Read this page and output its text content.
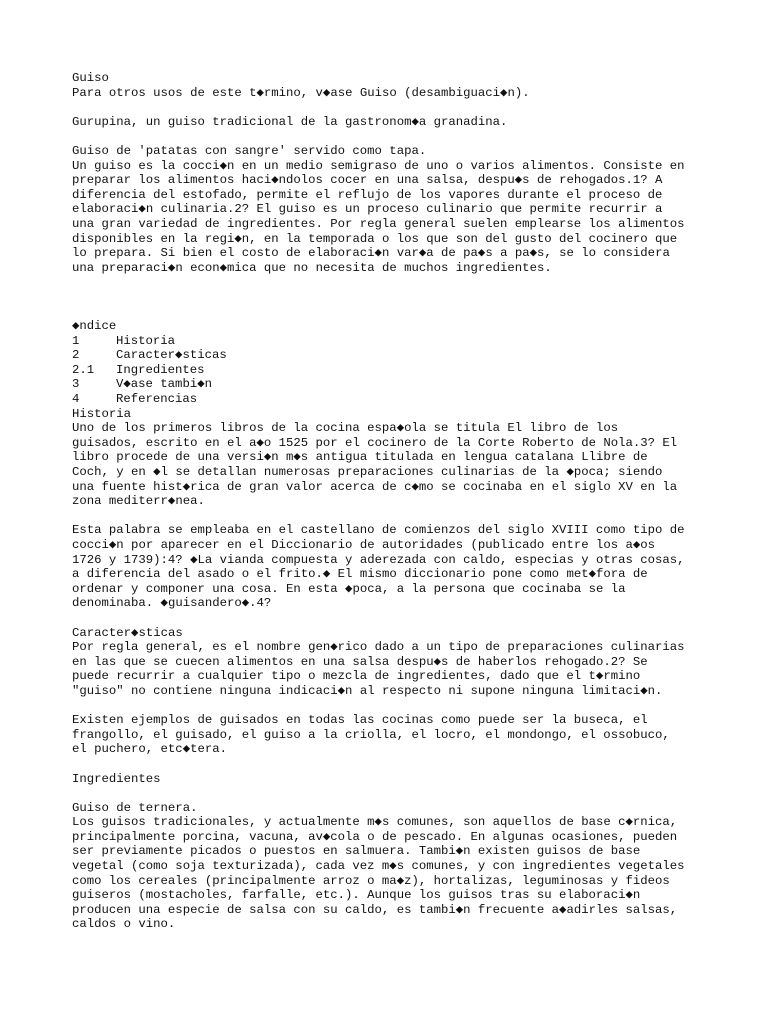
Guiso
Para otros usos de este t◆rmino, v◆ase Guiso (desambiguaci◆n).
Gurupina, un guiso tradicional de la gastronom◆a granadina.
Guiso de 'patatas con sangre' servido como tapa.
Un guiso es la cocci◆n en un medio semigraso de uno o varios alimentos. Consiste en
preparar los alimentos haci◆ndolos cocer en una salsa, despu◆s de rehogados.1? A
diferencia del estofado, permite el reflujo de los vapores durante el proceso de
elaboraci◆n culinaria.2? El guiso es un proceso culinario que permite recurrir a
una gran variedad de ingredientes. Por regla general suelen emplearse los alimentos
disponibles en la regi◆n, en la temporada o los que son del gusto del cocinero que
lo prepara. Si bien el costo de elaboraci◆n var◆a de pa◆s a pa◆s, se lo considera
una preparaci◆n econ◆mica que no necesita de muchos ingredientes.
◆ndice
1	Historia
2	Caracter◆sticas
2.1	Ingredientes
3	V◆ase tambi◆n
4	Referencias
Historia
Uno de los primeros libros de la cocina espa◆ola se titula El libro de los
guisados, escrito en el a◆o 1525 por el cocinero de la Corte Roberto de Nola.3? El
libro procede de una versi◆n m◆s antigua titulada en lengua catalana Llibre de
Coch, y en ◆l se detallan numerosas preparaciones culinarias de la ◆poca; siendo
una fuente hist◆rica de gran valor acerca de c◆mo se cocinaba en el siglo XV en la
zona mediterr◆nea.
Esta palabra se empleaba en el castellano de comienzos del siglo XVIII como tipo de
cocci◆n por aparecer en el Diccionario de autoridades (publicado entre los a◆os
1726 y 1739):4? ◆La vianda compuesta y aderezada con caldo, especias y otras cosas,
a diferencia del asado o el frito.◆ El mismo diccionario pone como met◆fora de
ordenar y componer una cosa. En esta ◆poca, a la persona que cocinaba se la
denominaba. ◆guisandero◆.4?
Caracter◆sticas
Por regla general, es el nombre gen◆rico dado a un tipo de preparaciones culinarias
en las que se cuecen alimentos en una salsa despu◆s de haberlos rehogado.2? Se
puede recurrir a cualquier tipo o mezcla de ingredientes, dado que el t◆rmino
"guiso" no contiene ninguna indicaci◆n al respecto ni supone ninguna limitaci◆n.
Existen ejemplos de guisados en todas las cocinas como puede ser la buseca, el
frangollo, el guisado, el guiso a la criolla, el locro, el mondongo, el ossobuco,
el puchero, etc◆tera.
Ingredientes
Guiso de ternera.
Los guisos tradicionales, y actualmente m◆s comunes, son aquellos de base c◆rnica,
principalmente porcina, vacuna, av◆cola o de pescado. En algunas ocasiones, pueden
ser previamente picados o puestos en salmuera. Tambi◆n existen guisos de base
vegetal (como soja texturizada), cada vez m◆s comunes, y con ingredientes vegetales
como los cereales (principalmente arroz o ma◆z), hortalizas, leguminosas y fideos
guiseros (mostacholes, farfalle, etc.). Aunque los guisos tras su elaboraci◆n
producen una especie de salsa con su caldo, es tambi◆n frecuente a◆adirles salsas,
caldos o vino.
